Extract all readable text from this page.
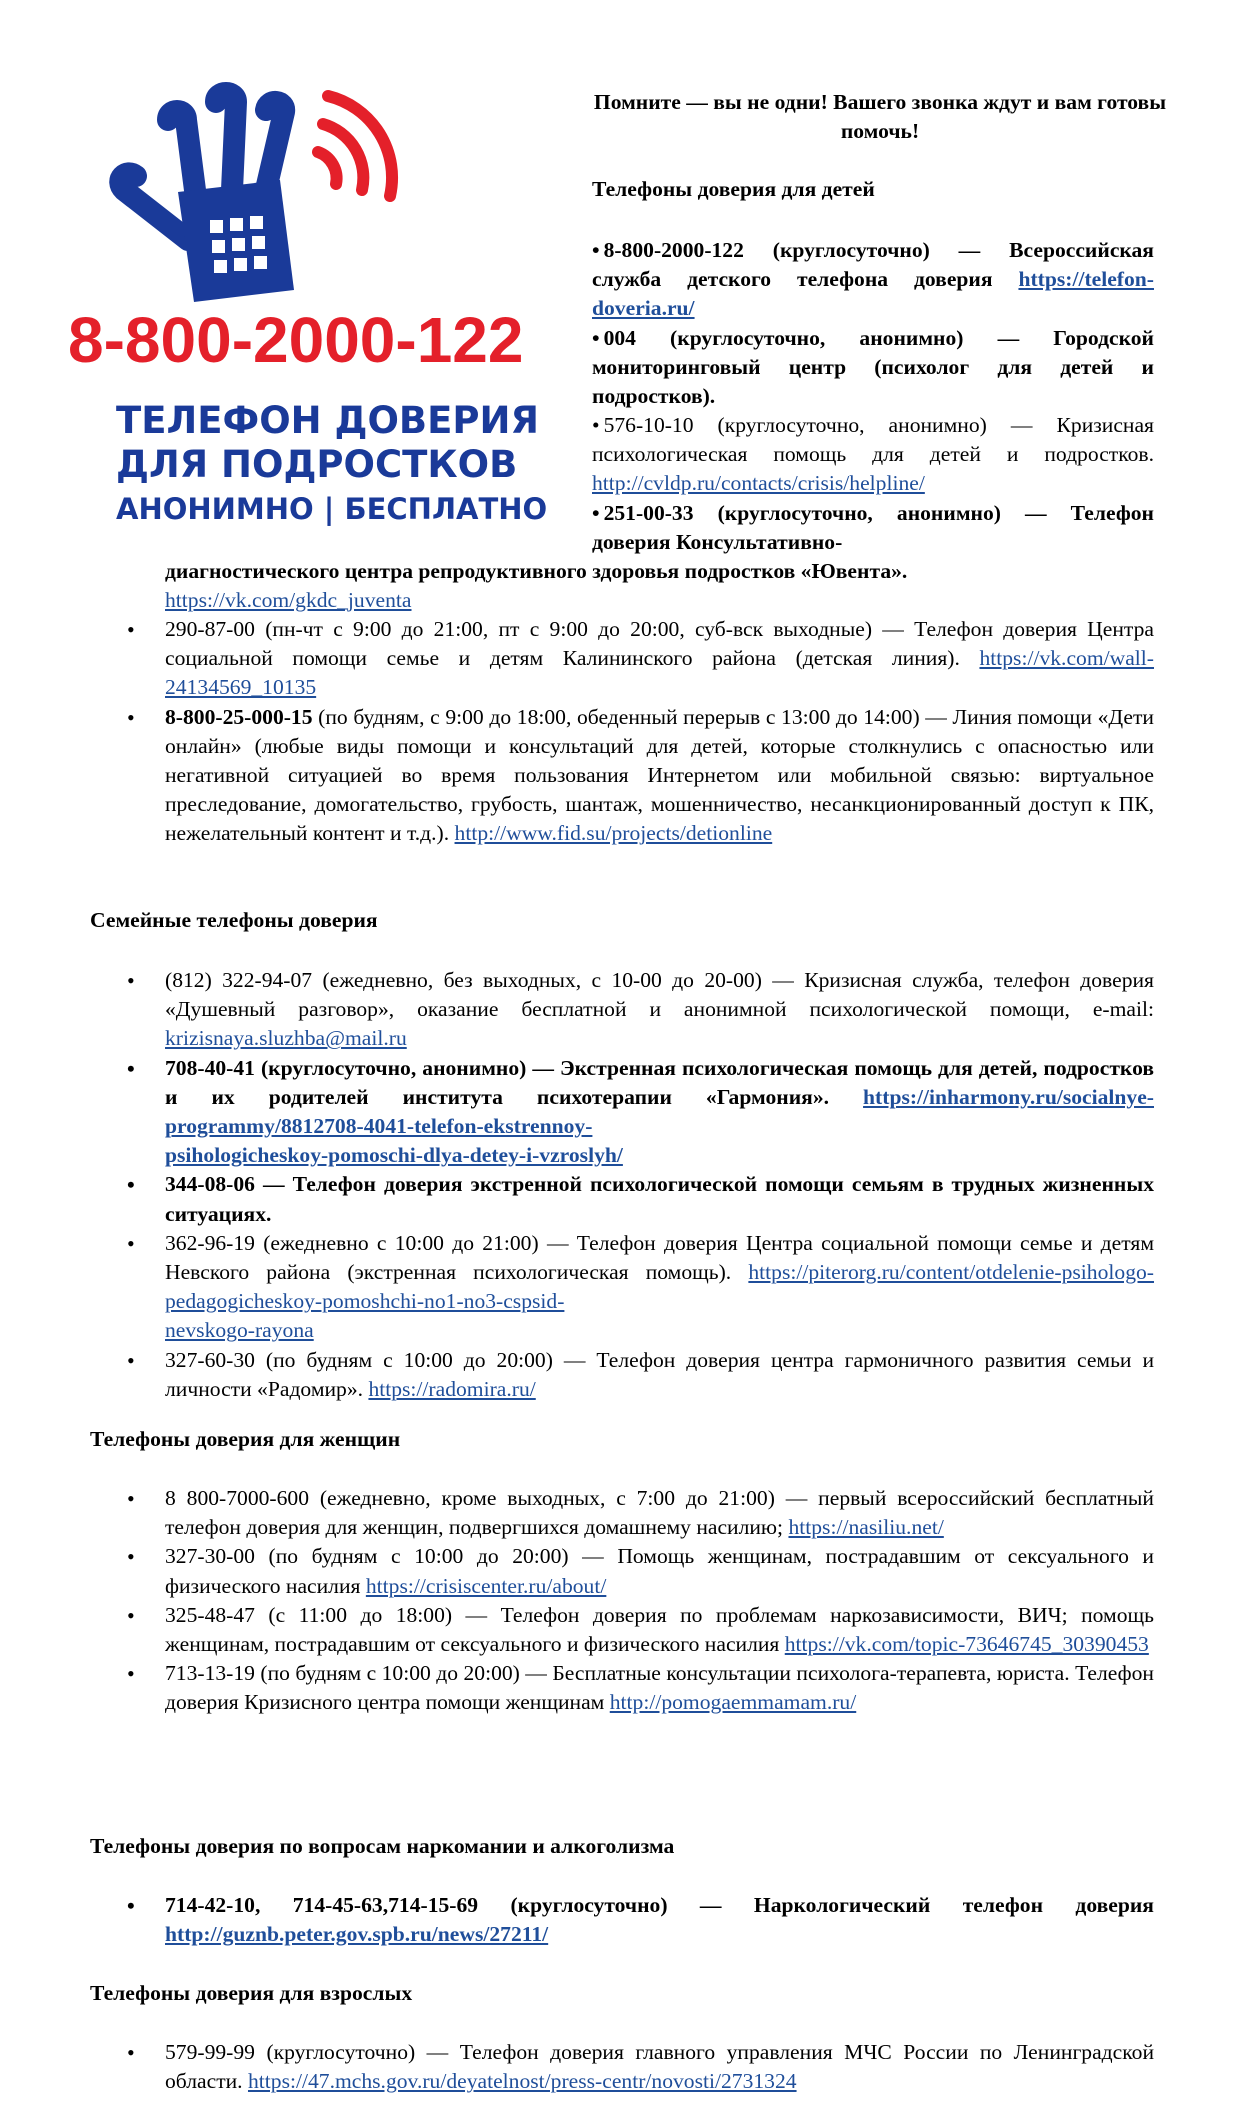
8-800-2000-122
ТЕЛЕФОН ДОВЕРИЯ
ДЛЯ ПОДРОСТКОВ
АНОНИМНО | БЕСПЛАТНО
Помните — вы не одни! Вашего звонка ждут и вам готовы помочь!
Телефоны доверия для детей
• 8-800-2000-122 (круглосуточно) — Всероссийская служба детского телефона доверия https://telefon-doveria.ru/
• 004 (круглосуточно, анонимно) — Городской мониторинговый центр (психолог для детей и подростков).
• 576-10-10 (круглосуточно, анонимно) — Кризисная психологическая помощь для детей и подростков. http://cvldp.ru/contacts/crisis/helpline/
• 251-00-33 (круглосуточно, анонимно) — Телефон доверия Консультативно-
диагностического центра репродуктивного здоровья подростков «Ювента».
https://vk.com/gkdc_juventa
• 290-87-00 (пн-чт с 9:00 до 21:00, пт с 9:00 до 20:00, суб-вск выходные) — Телефон доверия Центра социальной помощи семье и детям Калининского района (детская линия). https://vk.com/wall-24134569_10135
• 8-800-25-000-15 (по будням, с 9:00 до 18:00, обеденный перерыв с 13:00 до 14:00) — Линия помощи «Дети онлайн» (любые виды помощи и консультаций для детей, которые столкнулись с опасностью или негативной ситуацией во время пользования Интернетом или мобильной связью: виртуальное преследование, домогательство, грубость, шантаж, мошенничество, несанкционированный доступ к ПК, нежелательный контент и т.д.). http://www.fid.su/projects/detionline
Семейные телефоны доверия
• (812) 322-94-07 (ежедневно, без выходных, с 10-00 до 20-00) — Кризисная служба, телефон доверия «Душевный разговор», оказание бесплатной и анонимной психологической помощи, e-mail: krizisnaya.sluzhba@mail.ru
• 708-40-41 (круглосуточно, анонимно) — Экстренная психологическая помощь для детей, подростков и их родителей института психотерапии «Гармония». https://inharmony.ru/socialnye-programmy/8812708-4041-telefon-ekstrennoy-
psihologicheskoy-pomoschi-dlya-detey-i-vzroslyh/
• 344-08-06 — Телефон доверия экстренной психологической помощи семьям в трудных жизненных ситуациях.
• 362-96-19 (ежедневно с 10:00 до 21:00) — Телефон доверия Центра социальной помощи семье и детям Невского района (экстренная психологическая помощь). https://piterorg.ru/content/otdelenie-psihologo-pedagogicheskoy-pomoshchi-no1-no3-cspsid-
nevskogo-rayona
• 327-60-30 (по будням с 10:00 до 20:00) — Телефон доверия центра гармоничного развития семьи и личности «Радомир». https://radomira.ru/
Телефоны доверия для женщин
• 8 800-7000-600 (ежедневно, кроме выходных, с 7:00 до 21:00) — первый всероссийский бесплатный телефон доверия для женщин, подвергшихся домашнему насилию; https://nasiliu.net/
• 327-30-00 (по будням с 10:00 до 20:00) — Помощь женщинам, пострадавшим от сексуального и физического насилия https://crisiscenter.ru/about/
• 325-48-47 (с 11:00 до 18:00) — Телефон доверия по проблемам наркозависимости, ВИЧ; помощь женщинам, пострадавшим от сексуального и физического насилия https://vk.com/topic-73646745_30390453
• 713-13-19 (по будням с 10:00 до 20:00) — Бесплатные консультации психолога-терапевта, юриста. Телефон доверия Кризисного центра помощи женщинам http://pomogaemmamam.ru/
Телефоны доверия по вопросам наркомании и алкоголизма
• 714-42-10, 714-45-63,714-15-69 (круглосуточно) — Наркологический телефон доверия http://guznb.peter.gov.spb.ru/news/27211/
Телефоны доверия для взрослых
• 579-99-99 (круглосуточно) — Телефон доверия главного управления МЧС России по Ленинградской области. https://47.mchs.gov.ru/deyatelnost/press-centr/novosti/2731324
